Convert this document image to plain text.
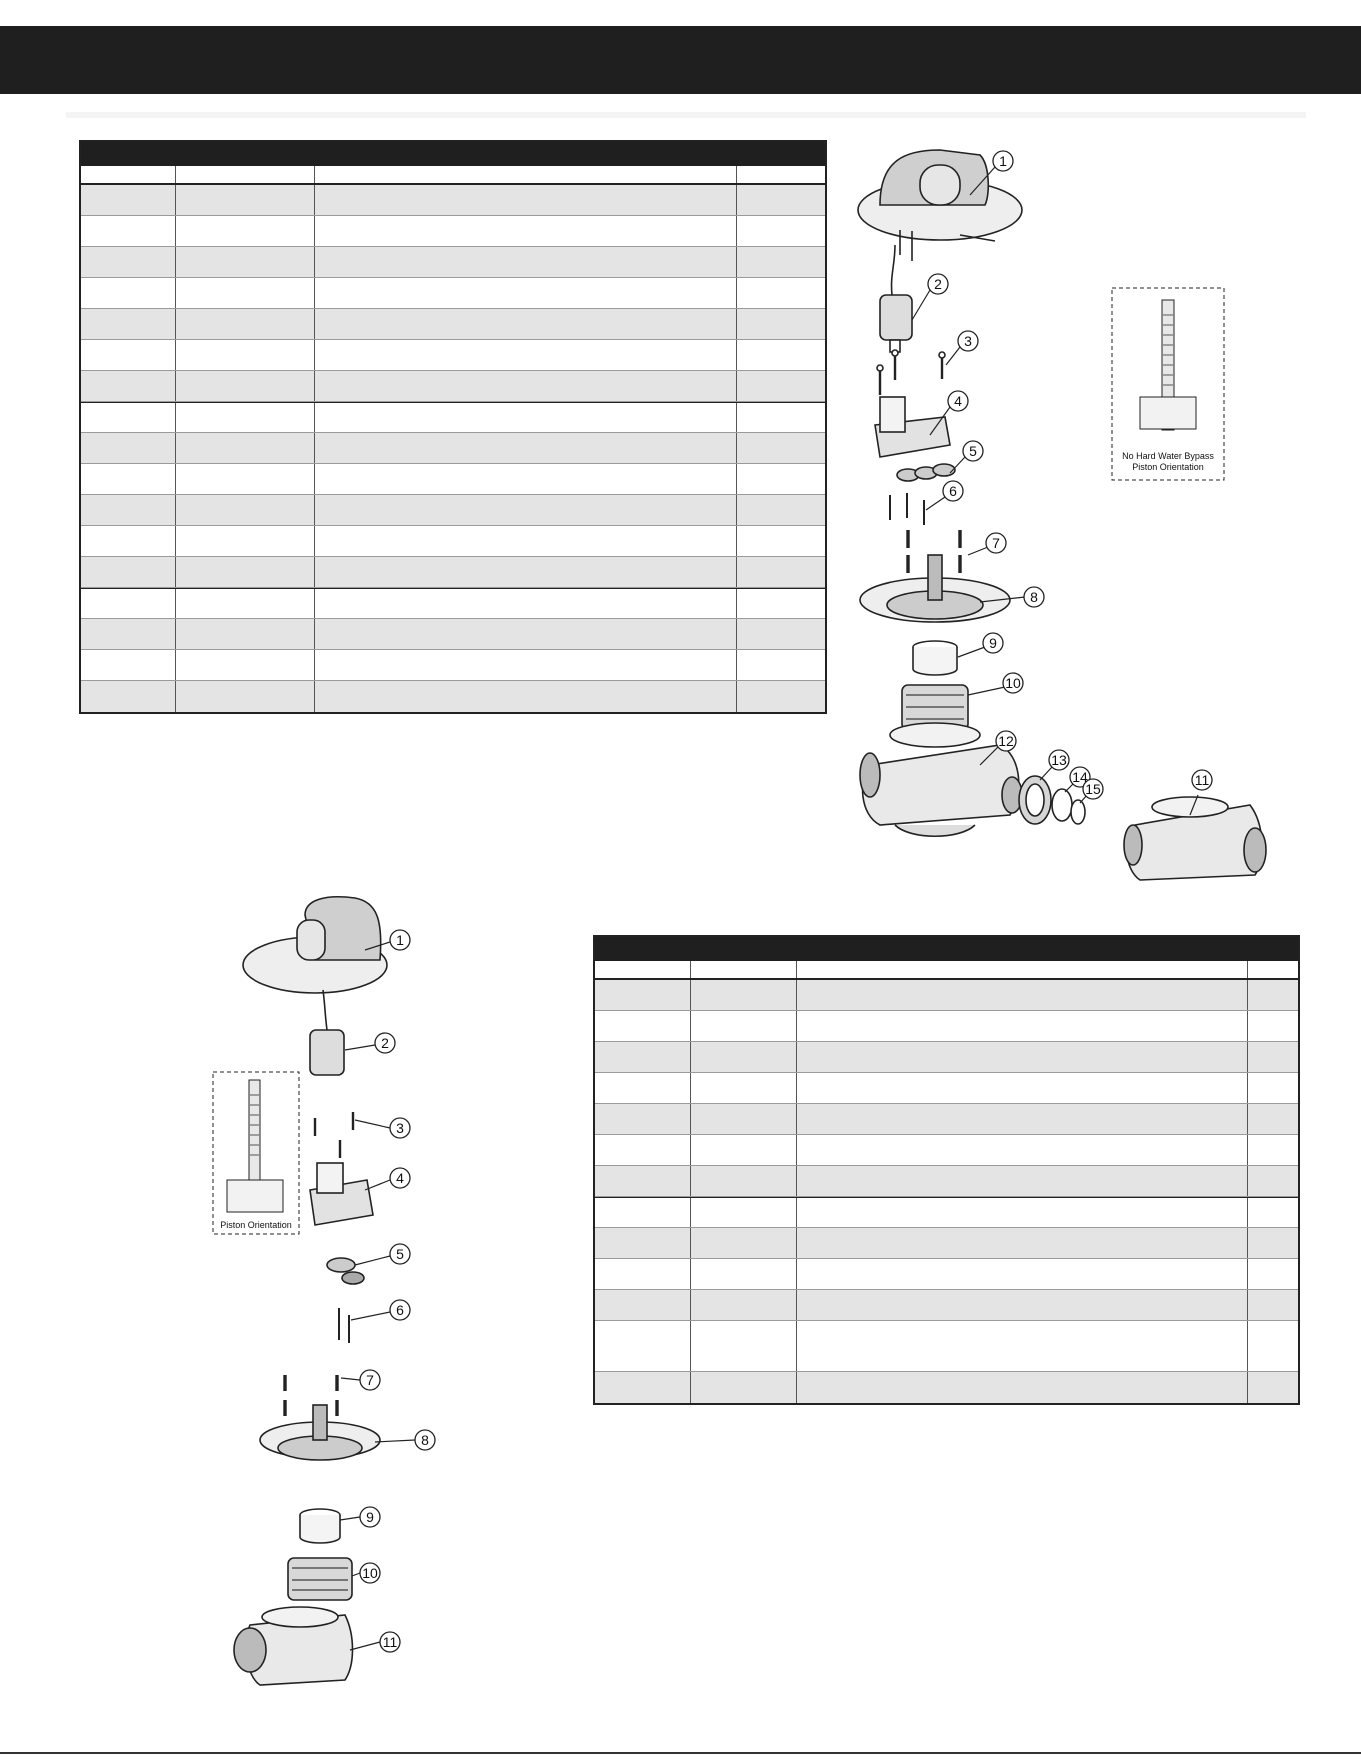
1
2
3
4
5
6
7
8
9
10
12
13
14
15
11
No Hard Water Bypass
Piston Orientation
1
2
3
4
5
6
7
8
9
10
11
Piston Orientation
